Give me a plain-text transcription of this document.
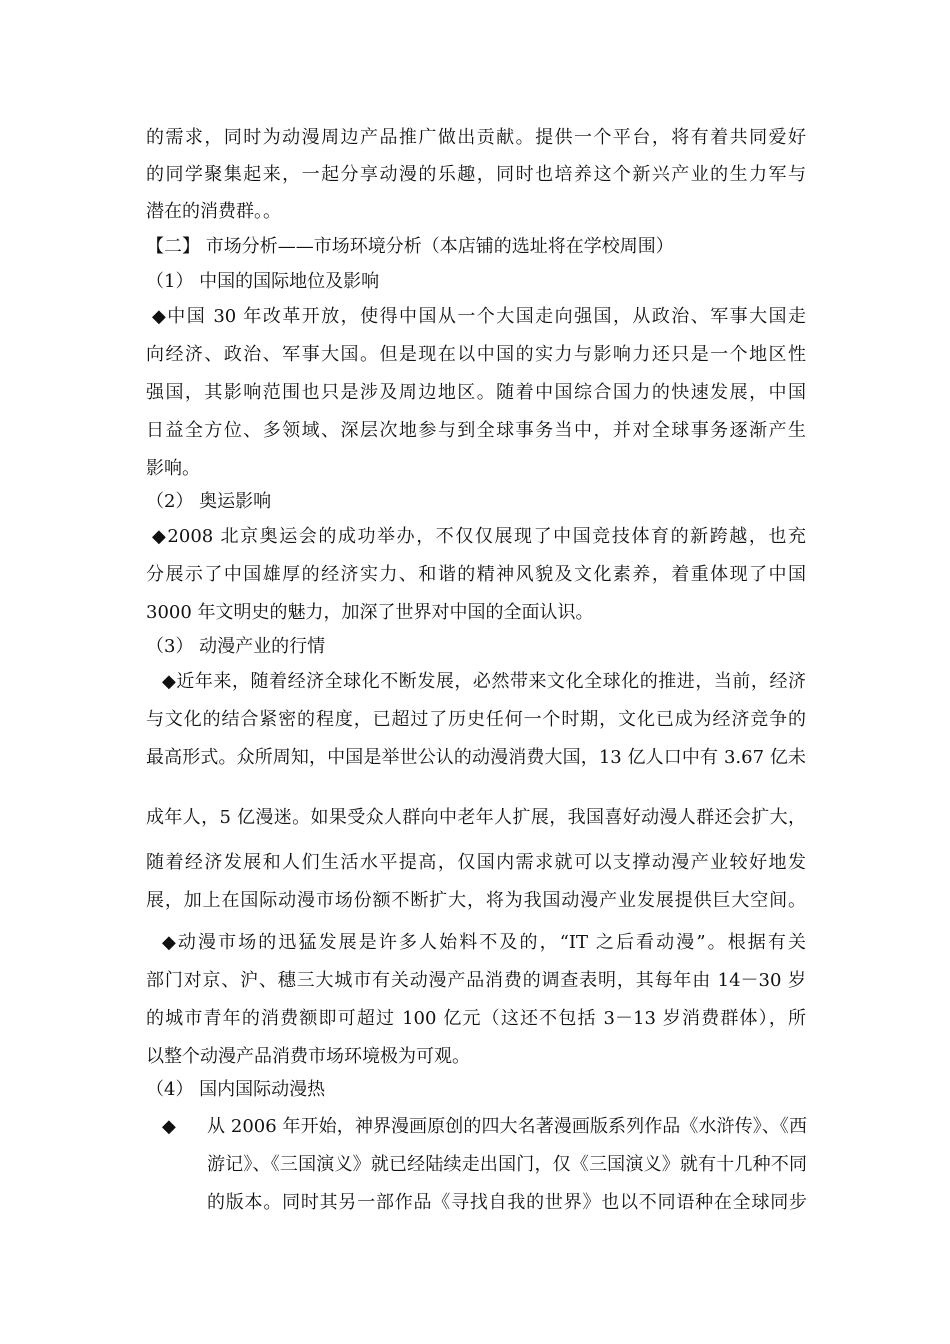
的需求，同时为动漫周边产品推广做出贡献。提供一个平台，将有着共同爱好
的同学聚集起来，一起分享动漫的乐趣，同时也培养这个新兴产业的生力军与
潜在的消费群。。
【二】 市场分析——市场环境分析（本店铺的选址将在学校周围）
（1） 中国的国际地位及影响
◆中国 30 年改革开放，使得中国从一个大国走向强国，从政治、军事大国走
向经济、政治、军事大国。但是现在以中国的实力与影响力还只是一个地区性
强国，其影响范围也只是涉及周边地区。随着中国综合国力的快速发展，中国
日益全方位、多领域、深层次地参与到全球事务当中，并对全球事务逐渐产生
影响。
（2） 奥运影响
◆2008 北京奥运会的成功举办，不仅仅展现了中国竞技体育的新跨越，也充
分展示了中国雄厚的经济实力、和谐的精神风貌及文化素养，着重体现了中国
3000 年文明史的魅力，加深了世界对中国的全面认识。
（3） 动漫产业的行情
◆近年来，随着经济全球化不断发展，必然带来文化全球化的推进，当前，经济
与文化的结合紧密的程度，已超过了历史任何一个时期，文化已成为经济竞争的
最高形式。众所周知，中国是举世公认的动漫消费大国，13 亿人口中有 3.67 亿未
成年人，5 亿漫迷。如果受众人群向中老年人扩展，我国喜好动漫人群还会扩大，
随着经济发展和人们生活水平提高，仅国内需求就可以支撑动漫产业较好地发
展，加上在国际动漫市场份额不断扩大，将为我国动漫产业发展提供巨大空间。
◆动漫市场的迅猛发展是许多人始料不及的，“IT 之后看动漫”。根据有关
部门对京、沪、穗三大城市有关动漫产品消费的调查表明，其每年由 14－30 岁
的城市青年的消费额即可超过 100 亿元（这还不包括 3－13 岁消费群体），所
以整个动漫产品消费市场环境极为可观。
（4） 国内国际动漫热
◆ 从 2006 年开始，神界漫画原创的四大名著漫画版系列作品《水浒传》、《西
游记》、《三国演义》就已经陆续走出国门，仅《三国演义》就有十几种不同
的版本。同时其另一部作品《寻找自我的世界》也以不同语种在全球同步
